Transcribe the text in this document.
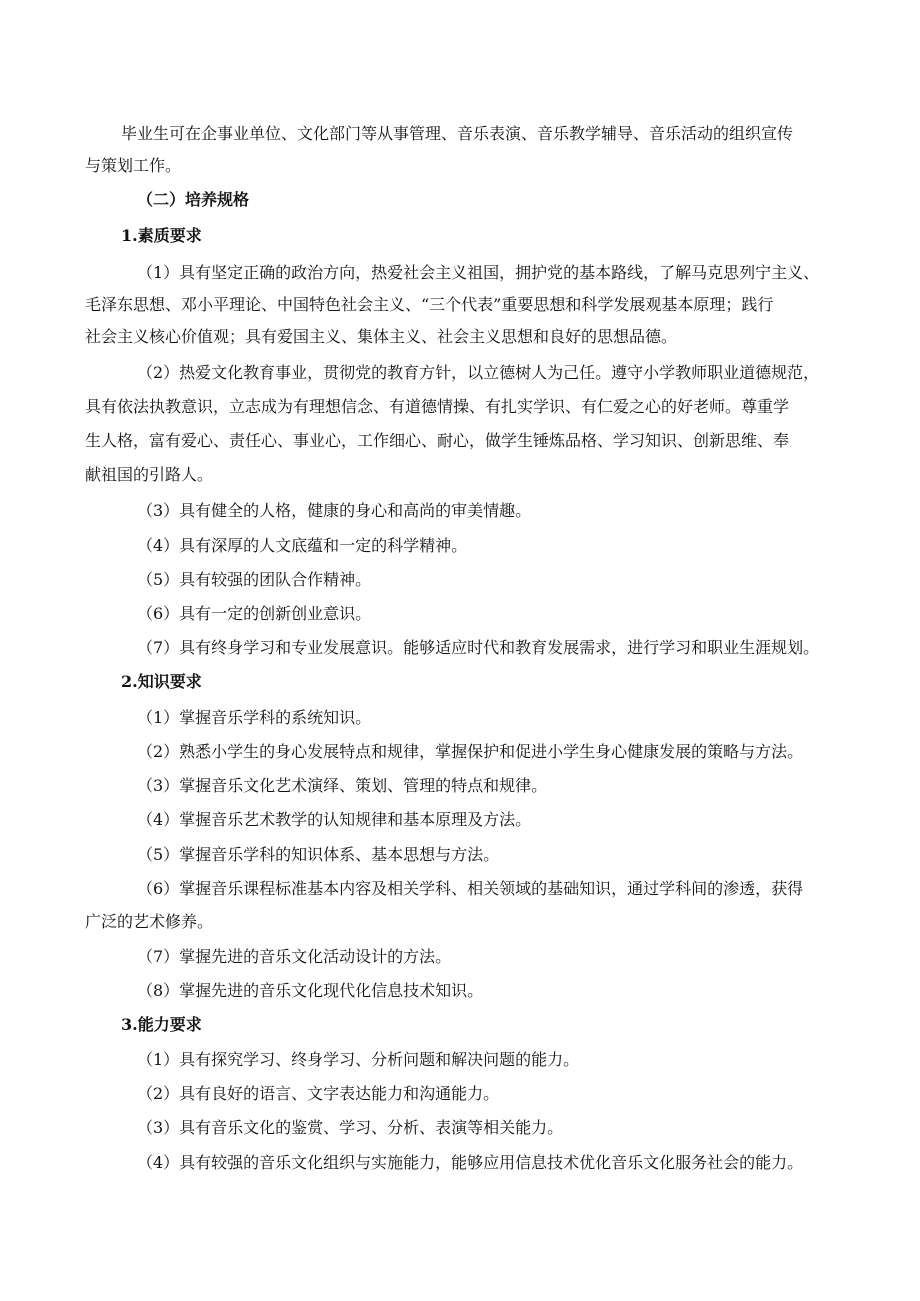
毕业生可在企事业单位、文化部门等从事管理、音乐表演、音乐教学辅导、音乐活动的组织宣传
与策划工作。
（二）培养规格
1.素质要求
（1）具有坚定正确的政治方向，热爱社会主义祖国，拥护党的基本路线，了解马克思列宁主义、
毛泽东思想、邓小平理论、中国特色社会主义、“三个代表”重要思想和科学发展观基本原理；践行
社会主义核心价值观；具有爱国主义、集体主义、社会主义思想和良好的思想品德。
（2）热爱文化教育事业，贯彻党的教育方针，以立德树人为己任。遵守小学教师职业道德规范，
具有依法执教意识，立志成为有理想信念、有道德情操、有扎实学识、有仁爱之心的好老师。尊重学
生人格，富有爱心、责任心、事业心，工作细心、耐心，做学生锤炼品格、学习知识、创新思维、奉
献祖国的引路人。
（3）具有健全的人格，健康的身心和高尚的审美情趣。
（4）具有深厚的人文底蕴和一定的科学精神。
（5）具有较强的团队合作精神。
（6）具有一定的创新创业意识。
（7）具有终身学习和专业发展意识。能够适应时代和教育发展需求，进行学习和职业生涯规划。
2.知识要求
（1）掌握音乐学科的系统知识。
（2）熟悉小学生的身心发展特点和规律，掌握保护和促进小学生身心健康发展的策略与方法。
（3）掌握音乐文化艺术演绎、策划、管理的特点和规律。
（4）掌握音乐艺术教学的认知规律和基本原理及方法。
（5）掌握音乐学科的知识体系、基本思想与方法。
（6）掌握音乐课程标准基本内容及相关学科、相关领域的基础知识，通过学科间的渗透，获得
广泛的艺术修养。
（7）掌握先进的音乐文化活动设计的方法。
（8）掌握先进的音乐文化现代化信息技术知识。
3.能力要求
（1）具有探究学习、终身学习、分析问题和解决问题的能力。
（2）具有良好的语言、文字表达能力和沟通能力。
（3）具有音乐文化的鉴赏、学习、分析、表演等相关能力。
（4）具有较强的音乐文化组织与实施能力，能够应用信息技术优化音乐文化服务社会的能力。
